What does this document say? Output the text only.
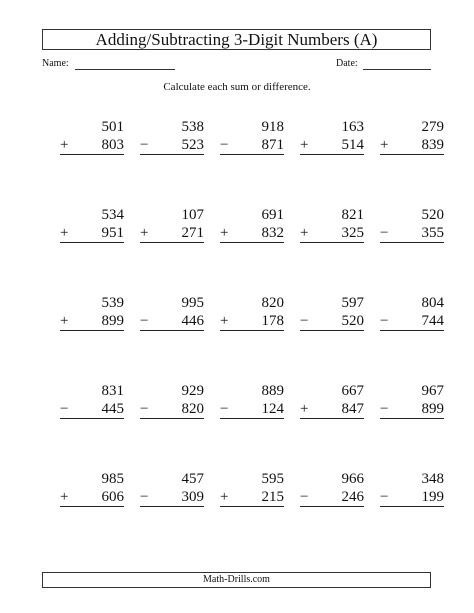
Adding/Subtracting 3-Digit Numbers (A)
Name:	Date:
Calculate each sum or difference.
501
+	803
538
−	523
918
−	871
163
+	514
279
+	839
534
+	951
107
+	271
691
+	832
821
+	325
520
−	355
539
+	899
995
−	446
820
+	178
597
−	520
804
−	744
831
−	445
929
−	820
889
−	124
667
+	847
967
−	899
985
+	606
457
−	309
595
+	215
966
−	246
348
−	199
Math-Drills.com
